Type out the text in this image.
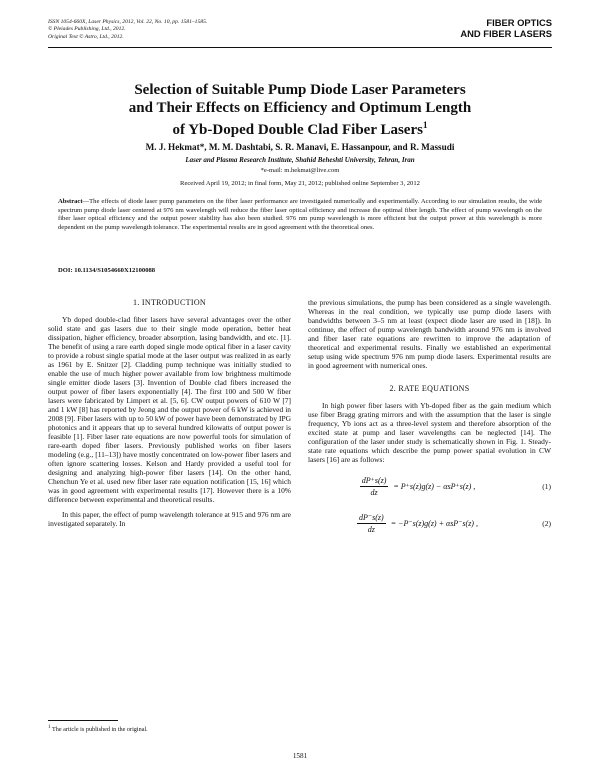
ISSN 1054-660X, Laser Physics, 2012, Vol. 22, No. 10, pp. 1581–1585.
© Pleiades Publishing, Ltd., 2012.
Original Text © Astro, Ltd., 2012.
FIBER OPTICS
AND FIBER LASERS
Selection of Suitable Pump Diode Laser Parameters
and Their Effects on Efficiency and Optimum Length
of Yb-Doped Double Clad Fiber Lasers$^1$
M. J. Hekmat*, M. M. Dashtabi, S. R. Manavi, E. Hassanpour, and R. Massudi
Laser and Plasma Research Institute, Shahid Beheshti University, Tehran, Iran
*e-mail: m.hekmat@live.com
Received April 19, 2012; in final form, May 21, 2012; published online September 3, 2012
Abstract—The effects of diode laser pump parameters on the fiber laser performance are investigated numerically and experimentally. According to our simulation results, the wide spectrum pump diode laser centered at 976 nm wavelength will reduce the fiber laser optical efficiency and increase the optimal fiber length. The effect of pump wavelength on the fiber laser optical efficiency and the output power stability has also been studied. 976 nm pump wavelength is more efficient but the output power at this wavelength is more dependent on the pump wavelength tolerance. The experimental results are in good agreement with the theoretical ones.
DOI: 10.1134/S1054660X12100088
1. INTRODUCTION

Yb doped double-clad fiber lasers have several advantages over the other solid state and gas lasers due to their single mode operation, better heat dissipation, higher efficiency, broader absorption, lasing bandwidth, and etc. [1]. The benefit of using a rare earth doped single mode optical fiber in a laser cavity to provide a robust single spatial mode at the laser output was realized in as early as 1961 by E. Snitzer [2]. Cladding pump technique was initially studied to enable the use of much higher power available from low brightness multimode single emitter diode lasers [3]. Invention of Double clad fibers increased the output power of fiber lasers exponentially [4]. The first 100 and 500 W fiber lasers were fabricated by Limpert et al. [5, 6]. CW output powers of 610 W [7] and 1 kW [8] has reported by Jeong and the output power of 6 kW is achieved in 2008 [9]. Fiber lasers with up to 50 kW of power have been demonstrated by IPG photonics and it appears that up to several hundred kilowatts of output power is feasible [1]. Fiber laser rate equations are now powerful tools for simulation of rare-earth doped fiber lasers. Previously published works on fiber lasers modeling (e.g., [11–13]) have mostly concentrated on low-power fiber lasers and often ignore scattering losses. Kelson and Hardy provided a useful tool for designing and analyzing high-power fiber lasers [14]. On the other hand, Chenchun Ye et al. used new fiber laser rate equation notification [15, 16] which was in good agreement with experimental results [17]. However there is a 10% difference between experimental and theoretical results.

In this paper, the effect of pump wavelength tolerance at 915 and 976 nm are investigated separately. In

the previous simulations, the pump has been considered as a single wavelength. Whereas in the real condition, we typically use pump diode lasers with bandwidths between 3–5 nm at least (expect diode laser are used in [18]). In continue, the effect of pump wavelength bandwidth around 976 nm is involved and fiber laser rate equations are rewritten to improve the adaptation of theoretical and experimental results. Finally we established an experimental setup using wide spectrum 976 nm pump diode lasers. Experimental results are in good agreement with numerical ones.

2. RATE EQUATIONS

In high power fiber lasers with Yb-doped fiber as the gain medium which use fiber Bragg grating mirrors and with the assumption that the laser is single frequency, Yb ions act as a three-level system and therefore absorption of the excited state at pump and laser wavelengths can be neglected [14]. The configuration of the laser under study is schematically shown in Fig. 1. Steady-state rate equations which describe the pump power spatial evolution in CW lasers [16] are as follows:

$\frac{dP^+s(z)}{dz} = P^+s(z)g(z) - \alpha sP^+s(z)$ ,	(1)
$\frac{dP^-s(z)}{dz} = -P^-s(z)g(z) + \alpha sP^-s(z)$ ,	(2)
$^1$ The article is published in the original.
1581
